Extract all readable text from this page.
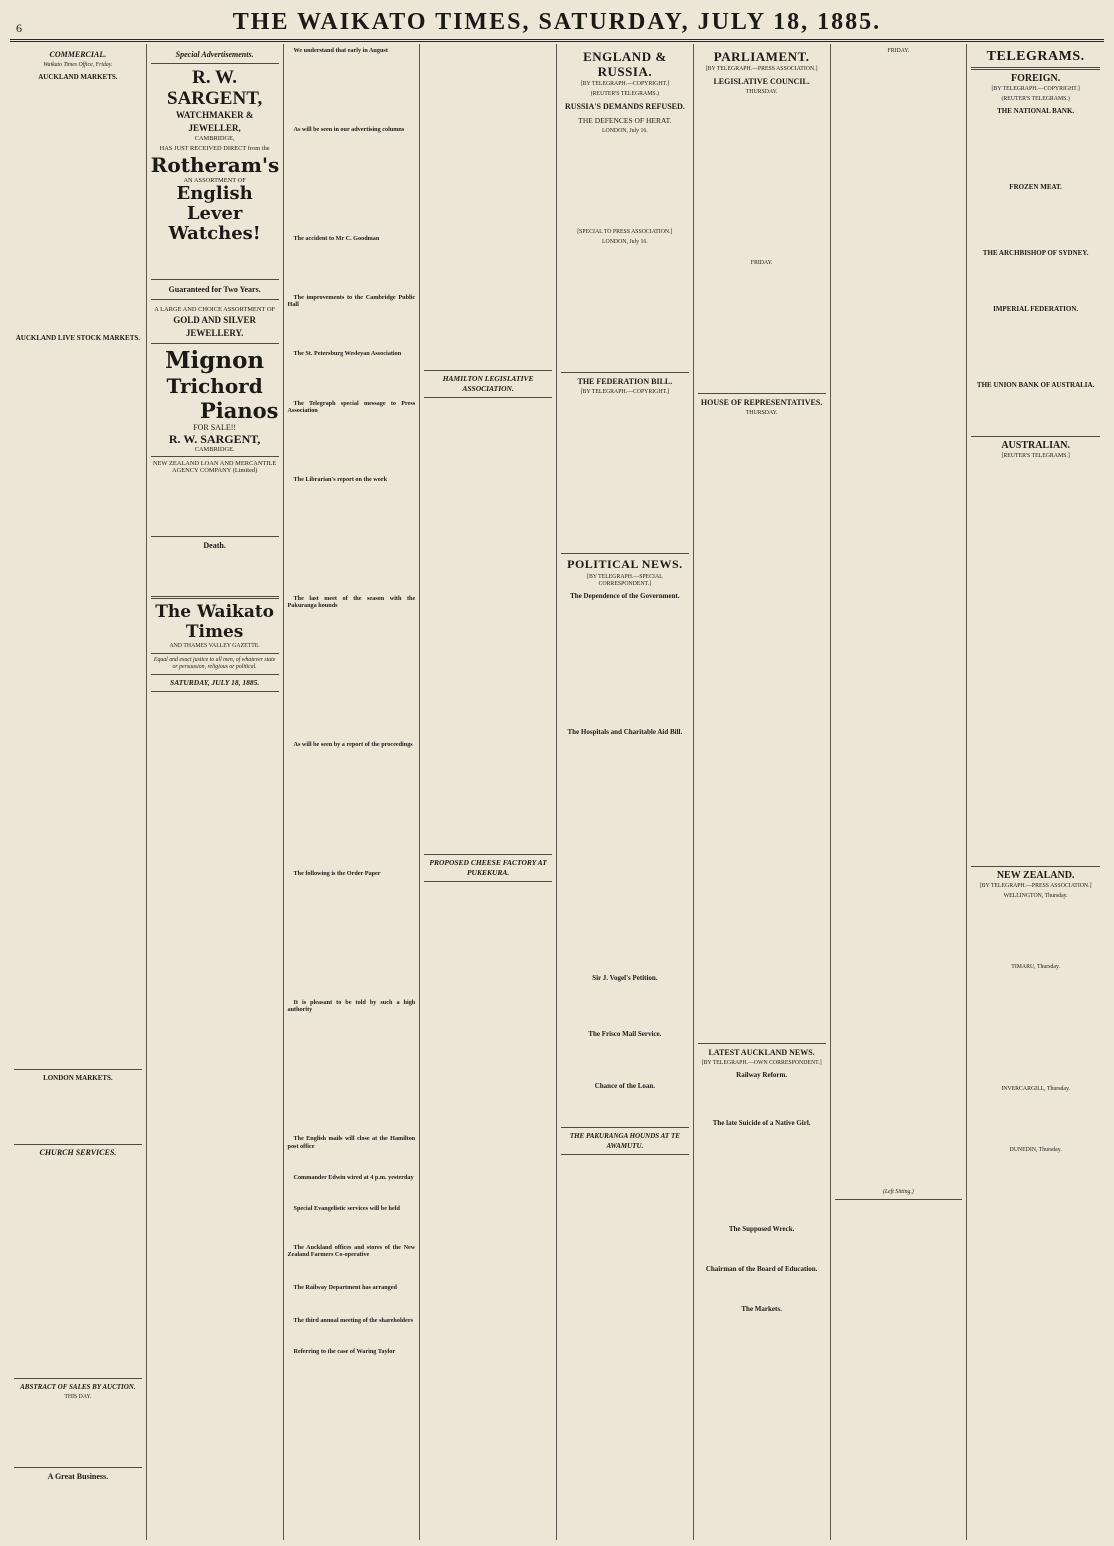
6	THE WAIKATO TIMES, SATURDAY, JULY 18, 1885.
COMMERCIAL.
Waikato Times Office, Friday.
AUCKLAND MARKETS.
AUCKLAND LIVE STOCK MARKETS.
LONDON MARKETS.
CHURCH SERVICES.
ABSTRACT OF SALES BY AUCTION.
THIS DAY.
A Great Business.
Special Advertisements.
R. W. SARGENT,
WATCHMAKER & JEWELLER,
CAMBRIDGE,
HAS JUST RECEIVED DIRECT from the
Rotheram's
AN ASSORTMENT OF
English Lever Watches!
Guaranteed for Two Years.
A LARGE AND CHOICE ASSORTMENT OF
GOLD AND SILVER JEWELLERY.
Mignon
Trichord
Pianos
FOR SALE!!
R. W. SARGENT,
CAMBRIDGE.
NEW ZEALAND LOAN AND MERCANTILE AGENCY COMPANY (Limited)
Death.
The Waikato Times
AND THAMES VALLEY GAZETTE.
Equal and exact justice to all men, of whatever state or persuasion, religious or political.
SATURDAY, JULY 18, 1885.

We understand that early in August

As will be seen in our advertising columns

The accident to Mr C. Goodman

The improvements to the Cambridge Public Hall

The St. Petersburg Wesleyan Association

The Telegraph special message to Press Association

The Librarian's report on the work

The last meet of the season with the Pakuranga hounds

As will be seen by a report of the proceedings

The following is the Order Paper

It is pleasant to be told by such a high authority

The English mails will close at the Hamilton post office

Commander Edwin wired at 4 p.m. yesterday

Special Evangelistic services will be held

The Auckland offices and stores of the New Zealand Farmers Co-operative

The Railway Department has arranged

The third annual meeting of the shareholders

Referring to the case of Waring Taylor

HAMILTON LEGISLATIVE ASSOCIATION.
PROPOSED CHEESE FACTORY AT PUKEKURA.
ENGLAND & RUSSIA.
[BY TELEGRAPH.—COPYRIGHT.]
(REUTER'S TELEGRAMS.)
RUSSIA'S DEMANDS REFUSED.
THE DEFENCES OF HERAT.
LONDON, July 16.
[SPECIAL TO PRESS ASSOCIATION.]
LONDON, July 16.
THE FEDERATION BILL.
[BY TELEGRAPH.—COPYRIGHT.]
POLITICAL NEWS.
[BY TELEGRAPH.—SPECIAL CORRESPONDENT.]
The Dependence of the Government.
The Hospitals and Charitable Aid Bill.
Sir J. Vogel's Petition.
The Frisco Mail Service.
Chance of the Loan.
THE PAKURANGA HOUNDS AT TE AWAMUTU.
PARLIAMENT.
[BY TELEGRAPH.—PRESS ASSOCIATION.]
LEGISLATIVE COUNCIL.
THURSDAY.
FRIDAY.
HOUSE OF REPRESENTATIVES.
THURSDAY.
LATEST AUCKLAND NEWS.
[BY TELEGRAPH.—OWN CORRESPONDENT.]
Railway Reform.
The late Suicide of a Native Girl.
The Supposed Wreck.
Chairman of the Board of Education.
The Markets.
FRIDAY.
(Left Sitting.)
TELEGRAMS.
FOREIGN.
[BY TELEGRAPH.—COPYRIGHT.]
(REUTER'S TELEGRAMS.)
THE NATIONAL BANK.
FROZEN MEAT.
THE ARCHBISHOP OF SYDNEY.
IMPERIAL FEDERATION.
THE UNION BANK OF AUSTRALIA.
AUSTRALIAN.
[REUTER'S TELEGRAMS.]
NEW ZEALAND.
[BY TELEGRAPH.—PRESS ASSOCIATION.]
WELLINGTON, Thursday.
TIMARU, Thursday.
INVERCARGILL, Thursday.
DUNEDIN, Thursday.
